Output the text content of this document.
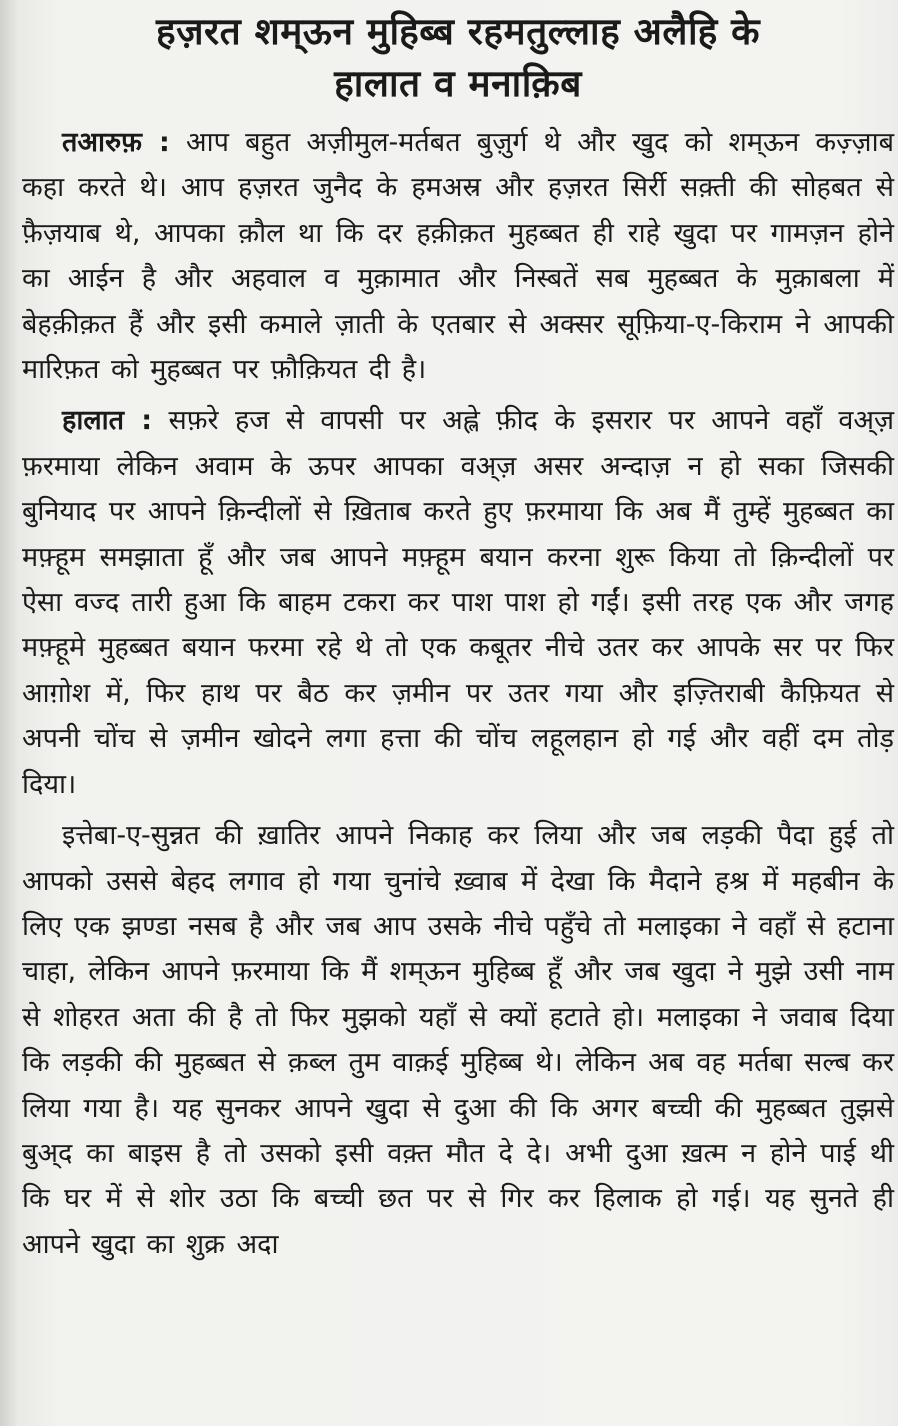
हज़रत शम्ऊन मुहिब्ब रहमतुल्लाह अलैहि के
हालात व मनाक़िब

तआरुफ़ : आप बहुत अज़ीमुल-मर्तबत बुज़ुर्ग थे और खुद को शम्ऊन कज़्ज़ाब कहा करते थे। आप हज़रत जुनैद के हमअस्र और हज़रत सिर्री सक़्ती की सोहबत से फ़ैज़याब थे, आपका क़ौल था कि दर हक़ीक़त मुहब्बत ही राहे खुदा पर गामज़न होने का आईन है और अहवाल व मुक़ामात और निस्बतें सब मुहब्बत के मुक़ाबला में बेहक़ीक़त हैं और इसी कमाले ज़ाती के एतबार से अक्सर सूफ़िया-ए-किराम ने आपकी मारिफ़त को मुहब्बत पर फ़ौक़ियत दी है।

हालात : सफ़रे हज से वापसी पर अह्ले फ़ीद के इसरार पर आपने वहाँ वअ्ज़ फ़रमाया लेकिन अवाम के ऊपर आपका वअ्ज़ असर अन्दाज़ न हो सका जिसकी बुनियाद पर आपने क़िन्दीलों से ख़िताब करते हुए फ़रमाया कि अब मैं तुम्हें मुहब्बत का मफ़्हूम समझाता हूँ और जब आपने मफ़्हूम बयान करना शुरू किया तो क़िन्दीलों पर ऐसा वज्द तारी हुआ कि बाहम टकरा कर पाश पाश हो गईं। इसी तरह एक और जगह मफ़्हूमे मुहब्बत बयान फरमा रहे थे तो एक कबूतर नीचे उतर कर आपके सर पर फिर आग़ोश में, फिर हाथ पर बैठ कर ज़मीन पर उतर गया और इज़्तिराबी कैफ़ियत से अपनी चोंच से ज़मीन खोदने लगा हत्ता की चोंच लहूलहान हो गई और वहीं दम तोड़ दिया।

इत्तेबा-ए-सुन्नत की ख़ातिर आपने निकाह कर लिया और जब लड़की पैदा हुई तो आपको उससे बेहद लगाव हो गया चुनांचे ख़्वाब में देखा कि मैदाने हश्र में महबीन के लिए एक झण्डा नसब है और जब आप उसके नीचे पहुँचे तो मलाइका ने वहाँ से हटाना चाहा, लेकिन आपने फ़रमाया कि मैं शम्ऊन मुहिब्ब हूँ और जब खुदा ने मुझे उसी नाम से शोहरत अता की है तो फिर मुझको यहाँ से क्यों हटाते हो। मलाइका ने जवाब दिया कि लड़की की मुहब्बत से क़ब्ल तुम वाक़ई मुहिब्ब थे। लेकिन अब वह मर्तबा सल्ब कर लिया गया है। यह सुनकर आपने खुदा से दुआ की कि अगर बच्ची की मुहब्बत तुझसे बुअ्द का बाइस है तो उसको इसी वक़्त मौत दे दे। अभी दुआ ख़त्म न होने पाई थी कि घर में से शोर उठा कि बच्ची छत पर से गिर कर हिलाक हो गई। यह सुनते ही आपने खुदा का शुक्र अदा
